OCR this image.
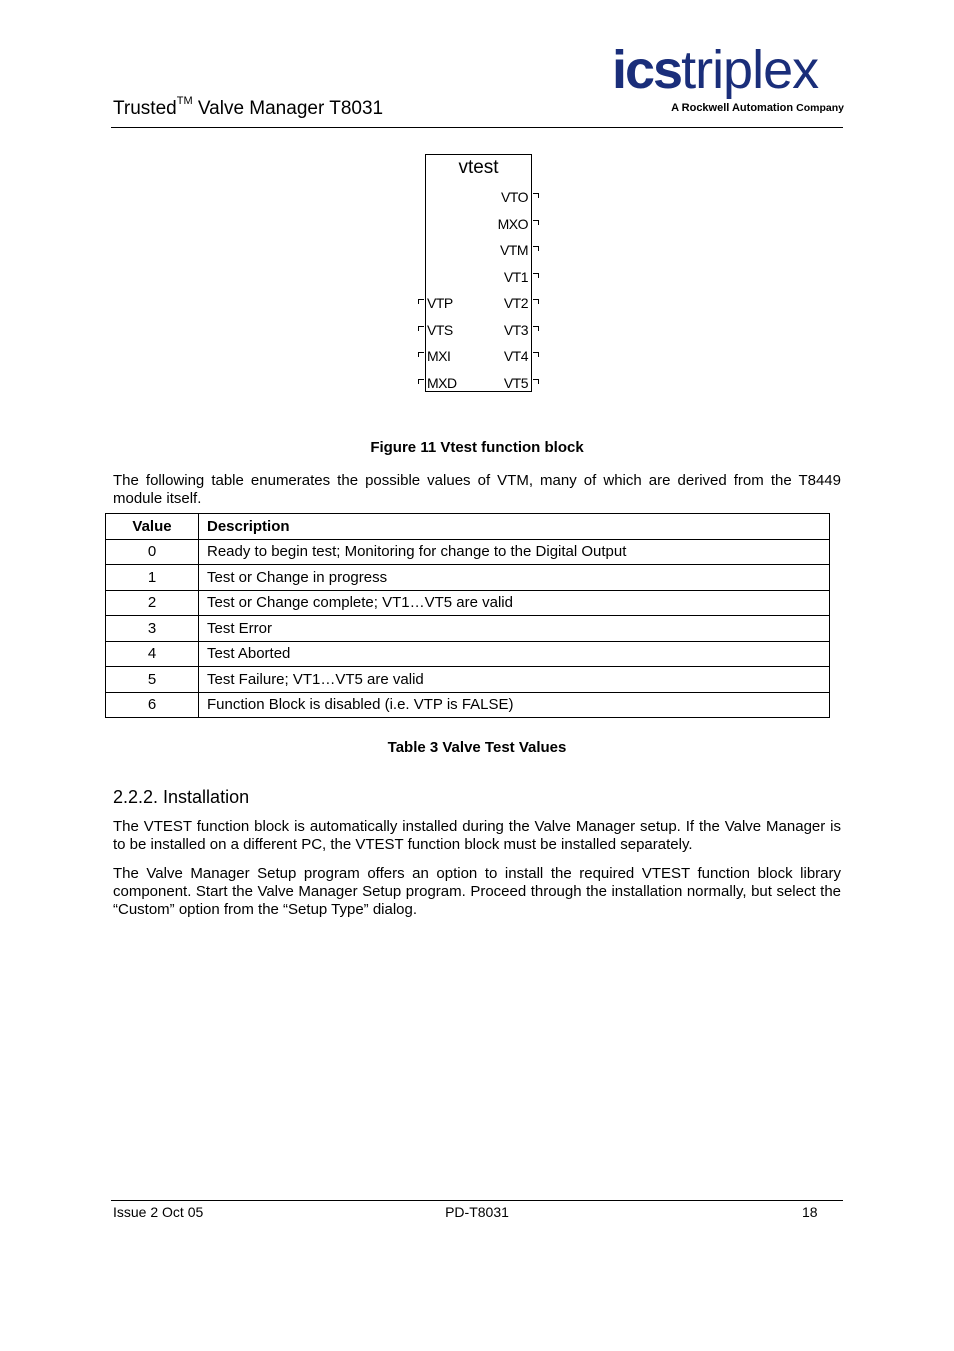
Trusted™ Valve Manager T8031
icstriplex
A Rockwell Automation Company
vtest
VTO
MXO
VTM
VT1
VT2
VT3
VT4
VT5
VTP
VTS
MXI
MXD
Figure 11 Vtest function block
The following table enumerates the possible values of VTM, many of which are derived from the T8449 module itself.
Value	Description
0	Ready to begin test; Monitoring for change to the Digital Output
1	Test or Change in progress
2	Test or Change complete; VT1…VT5 are valid
3	Test Error
4	Test Aborted
5	Test Failure; VT1…VT5 are valid
6	Function Block is disabled (i.e. VTP is FALSE)
Table 3 Valve Test Values
2.2.2. Installation
The VTEST function block is automatically installed during the Valve Manager setup. If the Valve Manager is to be installed on a different PC, the VTEST function block must be installed separately.
The Valve Manager Setup program offers an option to install the required VTEST function block library component. Start the Valve Manager Setup program. Proceed through the installation normally, but select the “Custom” option from the “Setup Type” dialog.
Issue 2 Oct 05	PD-T8031	18
